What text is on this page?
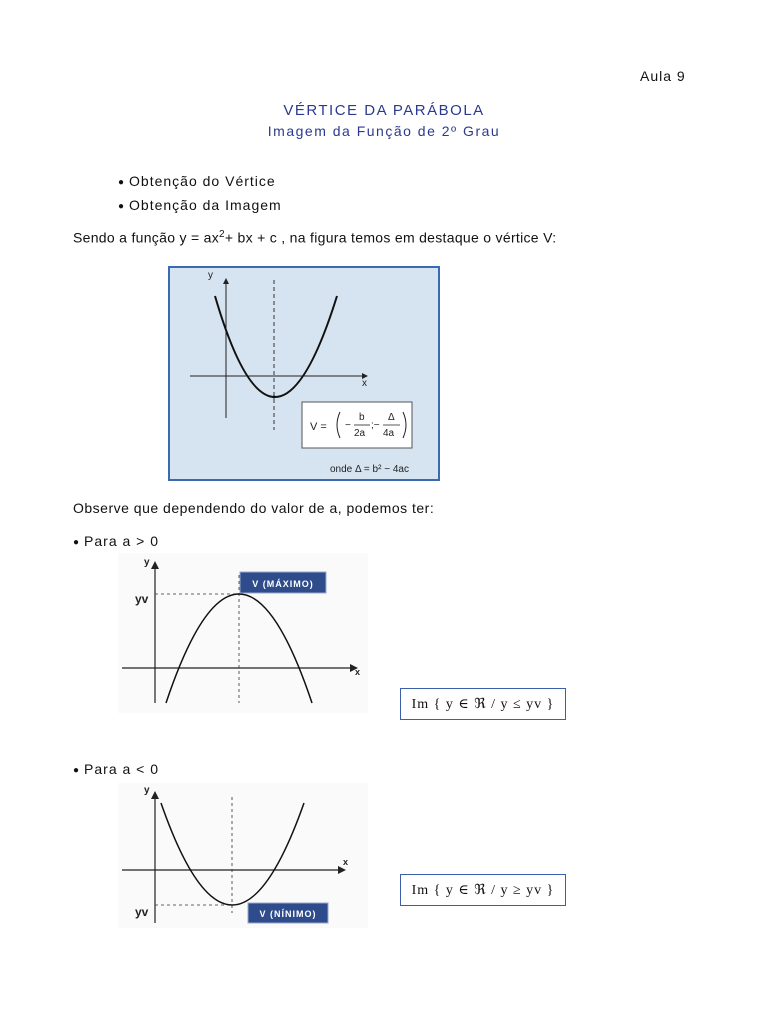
Aula 9
VÉRTICE DA PARÁBOLA
Imagem da Função de 2º Grau
● Obtenção do Vértice
● Obtenção da Imagem
Sendo a função $y = ax^2+$ bx + c , na figura temos em destaque o vértice V:
x
y
V = −
b
2a
;−
Δ
4a
onde Δ = b² − 4ac
Observe que dependendo do valor de a, podemos ter:
● Para a > 0
x
y
yv
V (MÁXIMO)
Im { y ∈ ℜ / y ≤ yv }
● Para a < 0
x
y
yv	V (NÍNIMO)
Im { y ∈ ℜ / y ≥ yv }
